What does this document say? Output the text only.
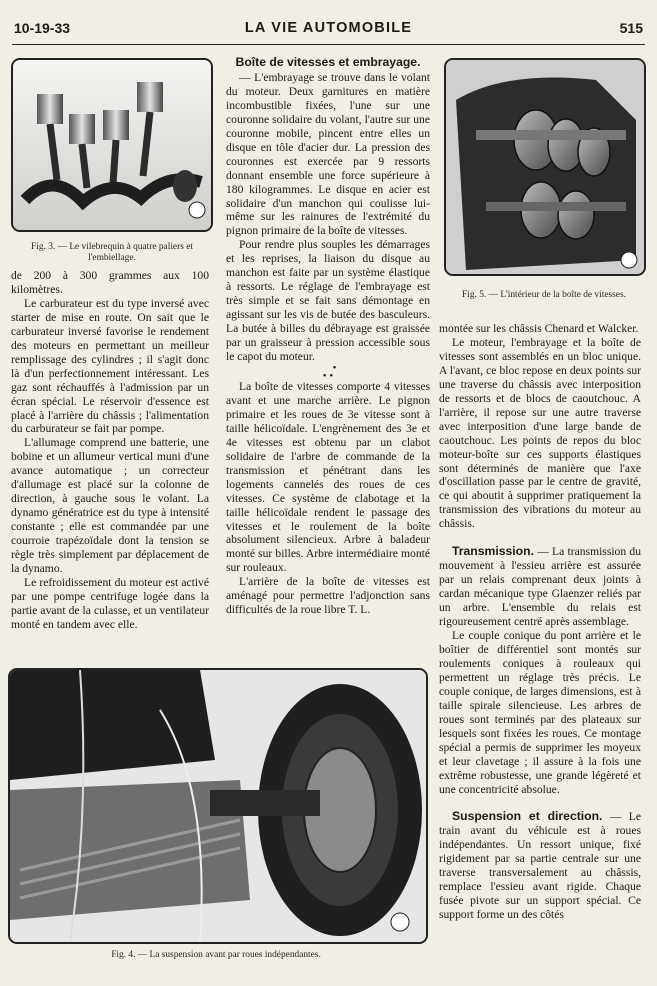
10-19-33	LA VIE AUTOMOBILE	515
Fig. 3. — Le vilebrequin à quatre paliers et l'embiellage.
Fig. 5. — L'intérieur de la boîte de vitesses.
Fig. 4. — La suspension avant par roues indépendantes.

de 200 à 300 grammes aux 100 kilomètres.

Le carburateur est du type inversé avec starter de mise en route. On sait que le carburateur inversé favorise le rendement des moteurs en permettant un meilleur remplissage des cylindres ; il s'agit donc là d'un perfectionnement intéressant. Les gaz sont réchauffés à l'admission par un écran spécial. Le réservoir d'essence est placé à l'arrière du châssis ; l'alimentation du carburateur se fait par pompe.

L'allumage comprend une batterie, une bobine et un allumeur vertical muni d'une avance automatique ; un correcteur d'allumage est placé sur la colonne de direction, à gauche sous le volant. La dynamo génératrice est du type à intensité constante ; elle est commandée par une courroie trapézoïdale dont la tension se règle très simplement par déplacement de la dynamo.

Le refroidissement du moteur est activé par une pompe centrifuge logée dans la partie avant de la culasse, et un ventilateur monté en tandem avec elle.

Boîte de vitesses et embrayage.

— L'embrayage se trouve dans le volant du moteur. Deux garnitures en matière incombustible fixées, l'une sur une couronne solidaire du volant, l'autre sur une couronne mobile, pincent entre elles un disque en tôle d'acier dur. La pression des couronnes est exercée par 9 ressorts donnant ensemble une force supérieure à 180 kilogrammes. Le disque en acier est solidaire d'un manchon qui coulisse lui-même sur les rainures de l'extrémité du pignon primaire de la boîte de vitesses.

Pour rendre plus souples les démarrages et les reprises, la liaison du disque au manchon est faite par un système élastique à ressorts. Le réglage de l'embrayage est très simple et se fait sans démontage en agissant sur les vis de butée des basculeurs. La butée à billes du débrayage est graissée par un graisseur à pression accessible sous le capot du moteur.

•
• •

La boîte de vitesses comporte 4 vitesses avant et une marche arrière. Le pignon primaire et les roues de 3e vitesse sont à taille hélicoïdale. L'engrènement des 3e et 4e vitesses est obtenu par un clabot solidaire de l'arbre de commande de la transmission et pénétrant dans les logements cannelés des roues de ces vitesses. Ce système de clabotage et la taille hélicoïdale rendent le passage des vitesses et le roulement de la boîte absolument silencieux. Arbre à baladeur monté sur billes. Arbre intermédiaire monté sur rouleaux.

L'arrière de la boîte de vitesses est aménagé pour permettre l'adjonction sans difficultés de la roue libre T. L.

montée sur les châssis Chenard et Walcker.

Le moteur, l'embrayage et la boîte de vitesses sont assemblés en un bloc unique. A l'avant, ce bloc repose en deux points sur une traverse du châssis avec interposition de ressorts et de blocs de caoutchouc. A l'arrière, il repose sur une autre traverse avec interposition d'une large bande de caoutchouc. Les points de repos du bloc moteur-boîte sur ces supports élastiques sont déterminés de manière que l'axe d'oscillation passe par le centre de gravité, ce qui aboutit à supprimer pratiquement la transmission des vibrations du moteur au châssis.

Transmission. — La transmission du mouvement à l'essieu arrière est assurée par un relais comprenant deux joints à cardan mécanique type Glaenzer reliés par un arbre. L'ensemble du relais est rigoureusement centré après assemblage.

Le couple conique du pont arrière et le boîtier de différentiel sont montés sur roulements coniques à rouleaux qui permettent un réglage très précis. Le couple conique, de larges dimensions, est à taille spirale silencieuse. Les arbres de roues sont terminés par des plateaux sur lesquels sont fixées les roues. Ce montage spécial a permis de supprimer les moyeux et leur clavetage ; il assure à la fois une extrême robustesse, une grande légèreté et une concentricité absolue.

Suspension et direction. — Le train avant du véhicule est à roues indépendantes. Un ressort unique, fixé rigidement par sa partie centrale sur une traverse transversalement au châssis, remplace l'essieu avant rigide. Chaque fusée pivote sur un support spécial. Ce support forme un des côtés
